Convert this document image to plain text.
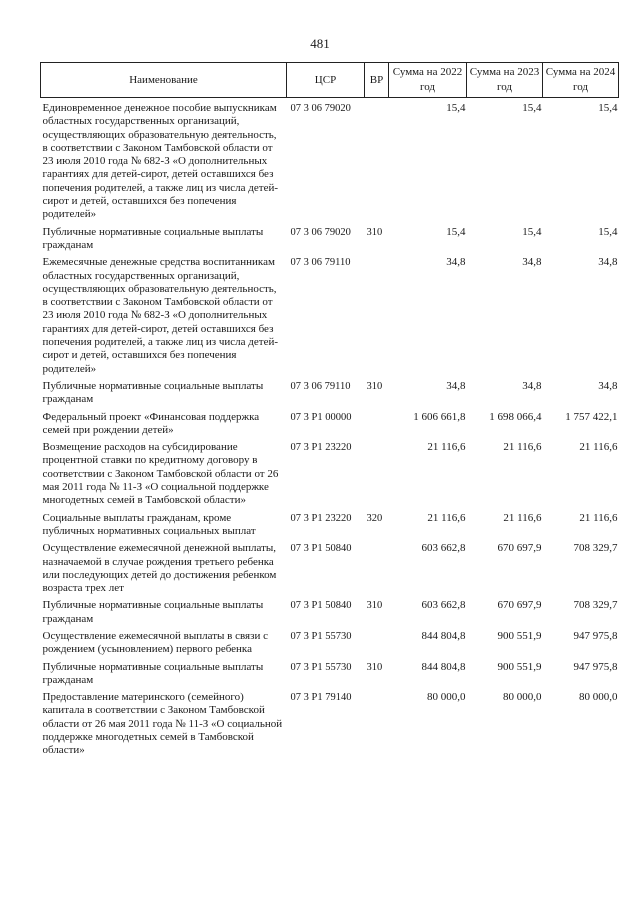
481
Наименование	ЦСР	ВР	Сумма на 2022 год	Сумма на 2023 год	Сумма на 2024 год

Единовременное денежное пособие выпускникам областных государственных организаций, осуществляющих образовательную деятельность, в соответствии с Законом Тамбовской области от 23 июля 2010 года № 682-З «О дополнительных гарантиях для детей-сирот, детей оставшихся без попечения родителей, а также лиц из числа детей-сирот и детей, оставшихся без попечения родителей»	07 3 06 79020		15,4	15,4	15,4

Публичные нормативные социальные выплаты гражданам	07 3 06 79020	310	15,4	15,4	15,4

Ежемесячные денежные средства воспитанникам областных государственных организаций, осуществляющих образовательную деятельность, в соответствии с Законом Тамбовской области от 23 июля 2010 года № 682-З «О дополнительных гарантиях для детей-сирот, детей оставшихся без попечения родителей, а также лиц из числа детей-сирот и детей, оставшихся без попечения родителей»	07 3 06 79110		34,8	34,8	34,8

Публичные нормативные социальные выплаты гражданам	07 3 06 79110	310	34,8	34,8	34,8

Федеральный проект «Финансовая поддержка семей при рождении детей»	07 3 P1 00000		1 606 661,8	1 698 066,4	1 757 422,1

Возмещение расходов на субсидирование процентной ставки по кредитному договору в соответствии с Законом Тамбовской области от 26 мая 2011 года № 11-З «О социальной поддержке многодетных семей в Тамбовской области»	07 3 P1 23220		21 116,6	21 116,6	21 116,6

Социальные выплаты гражданам, кроме публичных нормативных социальных выплат	07 3 P1 23220	320	21 116,6	21 116,6	21 116,6

Осуществление ежемесячной денежной выплаты, назначаемой в случае рождения третьего ребенка или последующих детей до достижения ребенком возраста трех лет	07 3 P1 50840		603 662,8	670 697,9	708 329,7

Публичные нормативные социальные выплаты гражданам	07 3 P1 50840	310	603 662,8	670 697,9	708 329,7

Осуществление ежемесячной выплаты в связи с рождением (усыновлением) первого ребенка	07 3 P1 55730		844 804,8	900 551,9	947 975,8

Публичные нормативные социальные выплаты гражданам	07 3 P1 55730	310	844 804,8	900 551,9	947 975,8

Предоставление материнского (семейного) капитала в соответствии с Законом Тамбовской области от 26 мая 2011 года № 11-З «О социальной поддержке многодетных семей в Тамбовской области»	07 3 P1 79140		80 000,0	80 000,0	80 000,0
